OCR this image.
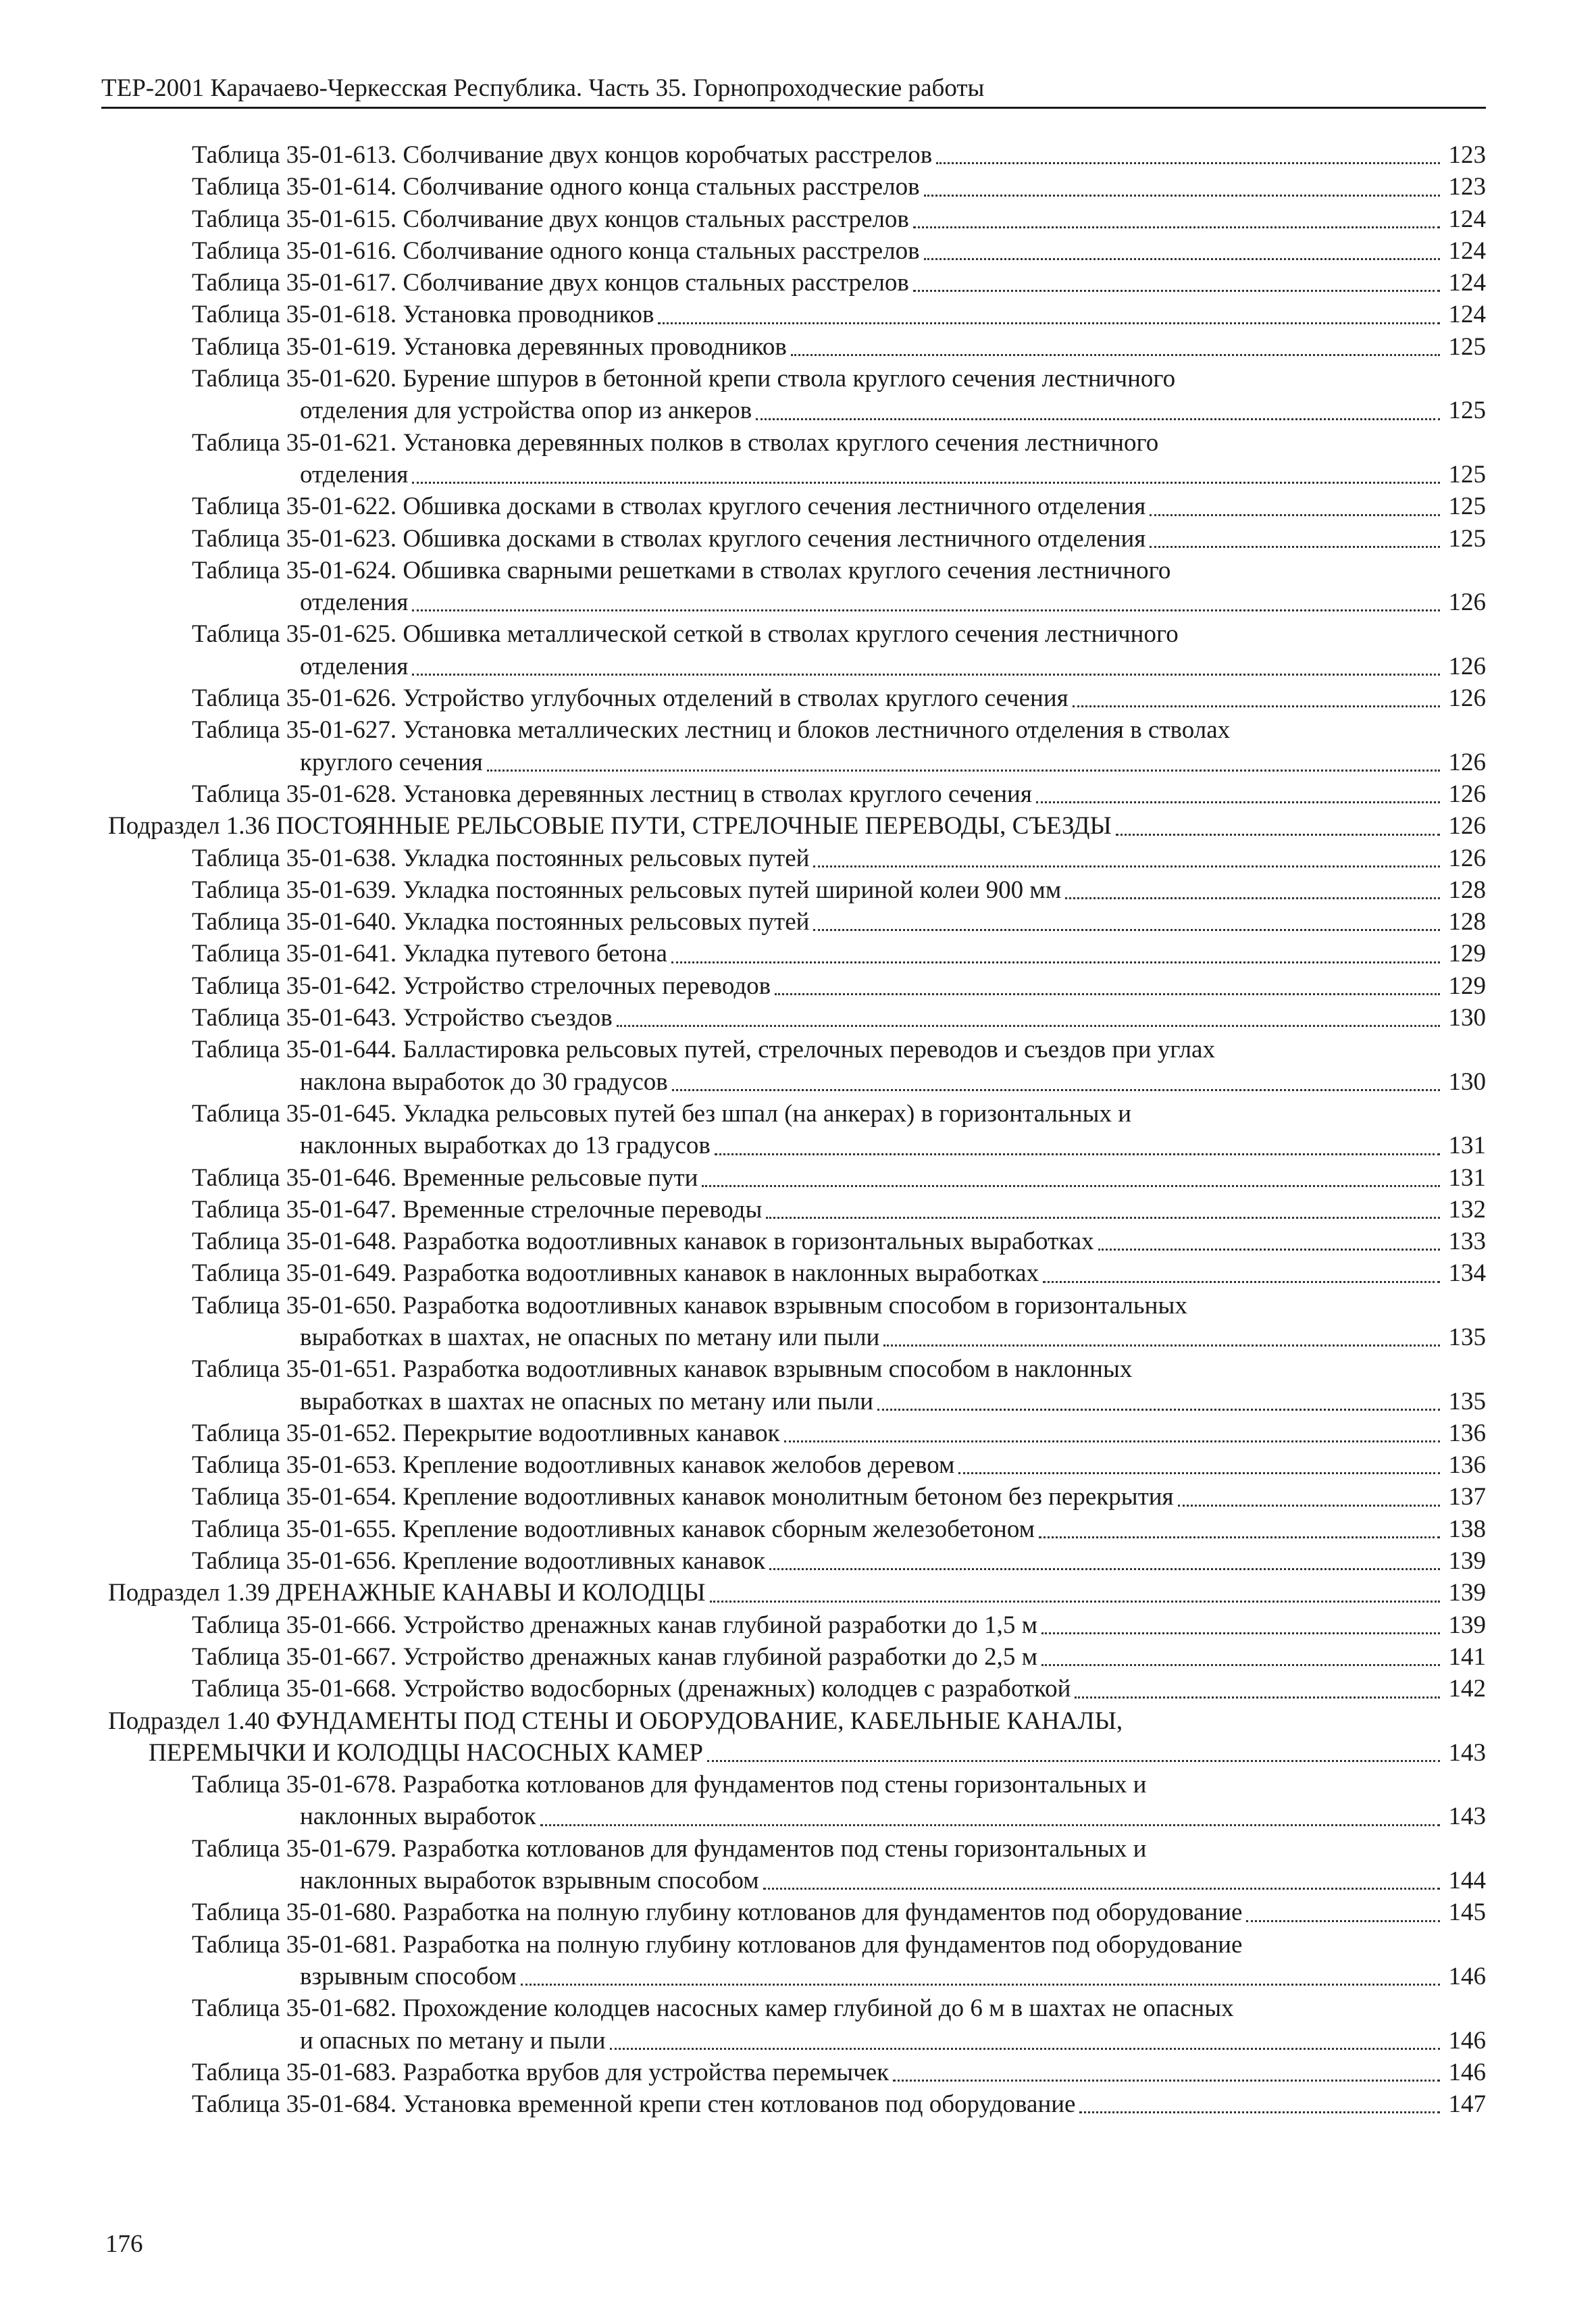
ТЕР-2001 Карачаево-Черкесская Республика. Часть 35. Горнопроходческие работы
Таблица 35-01-613. Сболчивание двух концов коробчатых расстрелов	123
Таблица 35-01-614. Сболчивание одного конца стальных расстрелов	123
Таблица 35-01-615. Сболчивание двух концов стальных расстрелов	124
Таблица 35-01-616. Сболчивание одного конца стальных расстрелов	124
Таблица 35-01-617. Сболчивание двух концов стальных расстрелов	124
Таблица 35-01-618. Установка проводников	124
Таблица 35-01-619. Установка деревянных проводников	125
Таблица 35-01-620. Бурение шпуров в бетонной крепи ствола круглого сечения лестничного
отделения для устройства опор из анкеров	125
Таблица 35-01-621. Установка деревянных полков в стволах круглого сечения лестничного
отделения	125
Таблица 35-01-622. Обшивка досками в стволах круглого сечения лестничного отделения	125
Таблица 35-01-623. Обшивка досками в стволах круглого сечения лестничного отделения	125
Таблица 35-01-624. Обшивка сварными решетками в стволах круглого сечения лестничного
отделения	126
Таблица 35-01-625. Обшивка металлической сеткой в стволах круглого сечения лестничного
отделения	126
Таблица 35-01-626. Устройство углубочных отделений в стволах круглого сечения	126
Таблица 35-01-627. Установка металлических лестниц и блоков лестничного отделения в стволах
круглого сечения	126
Таблица 35-01-628. Установка деревянных лестниц в стволах круглого сечения	126
Подраздел 1.36 ПОСТОЯННЫЕ РЕЛЬСОВЫЕ ПУТИ, СТРЕЛОЧНЫЕ ПЕРЕВОДЫ, СЪЕЗДЫ	126
Таблица 35-01-638. Укладка постоянных рельсовых путей	126
Таблица 35-01-639. Укладка постоянных рельсовых путей шириной колеи 900 мм	128
Таблица 35-01-640. Укладка постоянных рельсовых путей	128
Таблица 35-01-641. Укладка путевого бетона	129
Таблица 35-01-642. Устройство стрелочных переводов	129
Таблица 35-01-643. Устройство съездов	130
Таблица 35-01-644. Балластировка рельсовых путей, стрелочных переводов и съездов при углах
наклона выработок до 30 градусов	130
Таблица 35-01-645. Укладка рельсовых путей без шпал (на анкерах) в горизонтальных и
наклонных выработках до 13 градусов	131
Таблица 35-01-646. Временные рельсовые пути	131
Таблица 35-01-647. Временные стрелочные переводы	132
Таблица 35-01-648. Разработка водоотливных канавок в горизонтальных выработках	133
Таблица 35-01-649. Разработка водоотливных канавок в наклонных выработках	134
Таблица 35-01-650. Разработка водоотливных канавок взрывным способом в горизонтальных
выработках в шахтах, не опасных по метану или пыли	135
Таблица 35-01-651. Разработка водоотливных канавок взрывным способом в наклонных
выработках в шахтах не опасных по метану или пыли	135
Таблица 35-01-652. Перекрытие водоотливных канавок	136
Таблица 35-01-653. Крепление водоотливных канавок желобов деревом	136
Таблица 35-01-654. Крепление водоотливных канавок монолитным бетоном без перекрытия	137
Таблица 35-01-655. Крепление водоотливных канавок сборным железобетоном	138
Таблица 35-01-656. Крепление водоотливных канавок	139
Подраздел 1.39 ДРЕНАЖНЫЕ КАНАВЫ И КОЛОДЦЫ	139
Таблица 35-01-666. Устройство дренажных канав глубиной разработки до 1,5 м	139
Таблица 35-01-667. Устройство дренажных канав глубиной разработки до 2,5 м	141
Таблица 35-01-668. Устройство водосборных (дренажных) колодцев с разработкой	142
Подраздел 1.40 ФУНДАМЕНТЫ ПОД СТЕНЫ И ОБОРУДОВАНИЕ, КАБЕЛЬНЫЕ КАНАЛЫ,
ПЕРЕМЫЧКИ И КОЛОДЦЫ НАСОСНЫХ КАМЕР	143
Таблица 35-01-678. Разработка котлованов для фундаментов под стены горизонтальных и
наклонных выработок	143
Таблица 35-01-679. Разработка котлованов для фундаментов под стены горизонтальных и
наклонных выработок взрывным способом	144
Таблица 35-01-680. Разработка на полную глубину котлованов для фундаментов под оборудование	145
Таблица 35-01-681. Разработка на полную глубину котлованов для фундаментов под оборудование
взрывным способом	146
Таблица 35-01-682. Прохождение колодцев насосных камер глубиной до 6 м в шахтах не опасных
и опасных по метану и пыли	146
Таблица 35-01-683. Разработка врубов для устройства перемычек	146
Таблица 35-01-684. Установка временной крепи стен котлованов под оборудование	147
176
